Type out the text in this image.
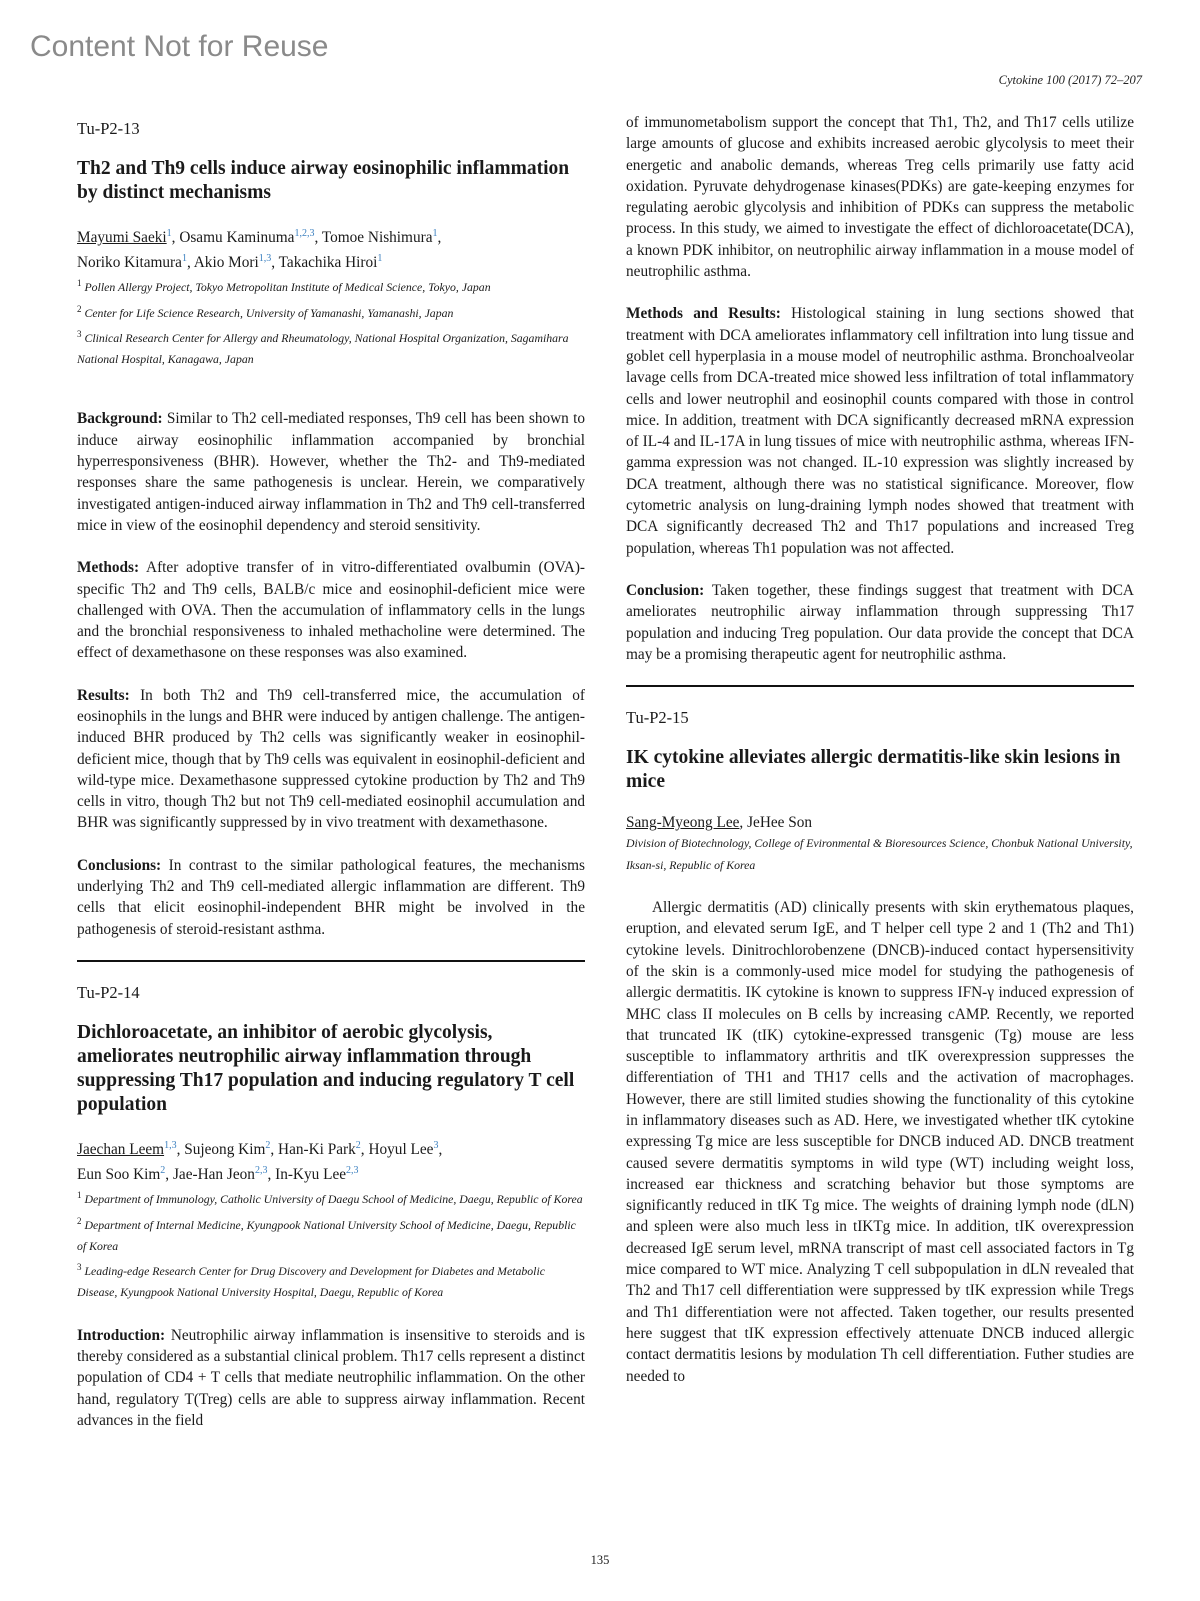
Content Not for Reuse
Cytokine 100 (2017) 72–207
Tu-P2-13
Th2 and Th9 cells induce airway eosinophilic inflammation by distinct mechanisms
Mayumi Saeki$^1$, Osamu Kaminuma$^{1,2,3}$, Tomoe Nishimura$^1$,
Noriko Kitamura$^1$, Akio Mori$^{1,3}$, Takachika Hiroi$^1$
$^1$ Pollen Allergy Project, Tokyo Metropolitan Institute of Medical Science, Tokyo, Japan
$^2$ Center for Life Science Research, University of Yamanashi, Yamanashi, Japan
$^3$ Clinical Research Center for Allergy and Rheumatology, National Hospital Organization, Sagamihara National Hospital, Kanagawa, Japan

Background: Similar to Th2 cell-mediated responses, Th9 cell has been shown to induce airway eosinophilic inflammation accompanied by bronchial hyperresponsiveness (BHR). However, whether the Th2- and Th9-mediated responses share the same pathogenesis is unclear. Herein, we comparatively investigated antigen-induced airway inflammation in Th2 and Th9 cell-transferred mice in view of the eosinophil dependency and steroid sensitivity.

Methods: After adoptive transfer of in vitro-differentiated ovalbumin (OVA)-specific Th2 and Th9 cells, BALB/c mice and eosinophil-deficient mice were challenged with OVA. Then the accumulation of inflammatory cells in the lungs and the bronchial responsiveness to inhaled methacholine were determined. The effect of dexamethasone on these responses was also examined.

Results: In both Th2 and Th9 cell-transferred mice, the accumulation of eosinophils in the lungs and BHR were induced by antigen challenge. The antigen-induced BHR produced by Th2 cells was significantly weaker in eosinophil-deficient mice, though that by Th9 cells was equivalent in eosinophil-deficient and wild-type mice. Dexamethasone suppressed cytokine production by Th2 and Th9 cells in vitro, though Th2 but not Th9 cell-mediated eosinophil accumulation and BHR was significantly suppressed by in vivo treatment with dexamethasone.

Conclusions: In contrast to the similar pathological features, the mechanisms underlying Th2 and Th9 cell-mediated allergic inflammation are different. Th9 cells that elicit eosinophil-independent BHR might be involved in the pathogenesis of steroid-resistant asthma.

Tu-P2-14
Dichloroacetate, an inhibitor of aerobic glycolysis, ameliorates neutrophilic airway inflammation through suppressing Th17 population and inducing regulatory T cell population
Jaechan Leem$^{1,3}$, Sujeong Kim$^2$, Han-Ki Park$^2$, Hoyul Lee$^3$,
Eun Soo Kim$^2$, Jae-Han Jeon$^{2,3}$, In-Kyu Lee$^{2,3}$
$^1$ Department of Immunology, Catholic University of Daegu School of Medicine, Daegu, Republic of Korea
$^2$ Department of Internal Medicine, Kyungpook National University School of Medicine, Daegu, Republic of Korea
$^3$ Leading-edge Research Center for Drug Discovery and Development for Diabetes and Metabolic Disease, Kyungpook National University Hospital, Daegu, Republic of Korea

Introduction: Neutrophilic airway inflammation is insensitive to steroids and is thereby considered as a substantial clinical problem. Th17 cells represent a distinct population of CD4 + T cells that mediate neutrophilic inflammation. On the other hand, regulatory T(Treg) cells are able to suppress airway inflammation. Recent advances in the field

of immunometabolism support the concept that Th1, Th2, and Th17 cells utilize large amounts of glucose and exhibits increased aerobic glycolysis to meet their energetic and anabolic demands, whereas Treg cells primarily use fatty acid oxidation. Pyruvate dehydrogenase kinases(PDKs) are gate-keeping enzymes for regulating aerobic glycolysis and inhibition of PDKs can suppress the metabolic process. In this study, we aimed to investigate the effect of dichloroacetate(DCA), a known PDK inhibitor, on neutrophilic airway inflammation in a mouse model of neutrophilic asthma.

Methods and Results: Histological staining in lung sections showed that treatment with DCA ameliorates inflammatory cell infiltration into lung tissue and goblet cell hyperplasia in a mouse model of neutrophilic asthma. Bronchoalveolar lavage cells from DCA-treated mice showed less infiltration of total inflammatory cells and lower neutrophil and eosinophil counts compared with those in control mice. In addition, treatment with DCA significantly decreased mRNA expression of IL-4 and IL-17A in lung tissues of mice with neutrophilic asthma, whereas IFN-gamma expression was not changed. IL-10 expression was slightly increased by DCA treatment, although there was no statistical significance. Moreover, flow cytometric analysis on lung-draining lymph nodes showed that treatment with DCA significantly decreased Th2 and Th17 populations and increased Treg population, whereas Th1 population was not affected.

Conclusion: Taken together, these findings suggest that treatment with DCA ameliorates neutrophilic airway inflammation through suppressing Th17 population and inducing Treg population. Our data provide the concept that DCA may be a promising therapeutic agent for neutrophilic asthma.

Tu-P2-15
IK cytokine alleviates allergic dermatitis-like skin lesions in mice
Sang-Myeong Lee, JeHee Son
Division of Biotechnology, College of Evironmental & Bioresources Science, Chonbuk National University, Iksan-si, Republic of Korea

Allergic dermatitis (AD) clinically presents with skin erythematous plaques, eruption, and elevated serum IgE, and T helper cell type 2 and 1 (Th2 and Th1) cytokine levels. Dinitrochlorobenzene (DNCB)-induced contact hypersensitivity of the skin is a commonly-used mice model for studying the pathogenesis of allergic dermatitis. IK cytokine is known to suppress IFN-γ induced expression of MHC class II molecules on B cells by increasing cAMP. Recently, we reported that truncated IK (tIK) cytokine-expressed transgenic (Tg) mouse are less susceptible to inflammatory arthritis and tIK overexpression suppresses the differentiation of TH1 and TH17 cells and the activation of macrophages. However, there are still limited studies showing the functionality of this cytokine in inflammatory diseases such as AD. Here, we investigated whether tIK cytokine expressing Tg mice are less susceptible for DNCB induced AD. DNCB treatment caused severe dermatitis symptoms in wild type (WT) including weight loss, increased ear thickness and scratching behavior but those symptoms are significantly reduced in tIK Tg mice. The weights of draining lymph node (dLN) and spleen were also much less in tIKTg mice. In addition, tIK overexpression decreased IgE serum level, mRNA transcript of mast cell associated factors in Tg mice compared to WT mice. Analyzing T cell subpopulation in dLN revealed that Th2 and Th17 cell differentiation were suppressed by tIK expression while Tregs and Th1 differentiation were not affected. Taken together, our results presented here suggest that tIK expression effectively attenuate DNCB induced allergic contact dermatitis lesions by modulation Th cell differentiation. Futher studies are needed to

135
